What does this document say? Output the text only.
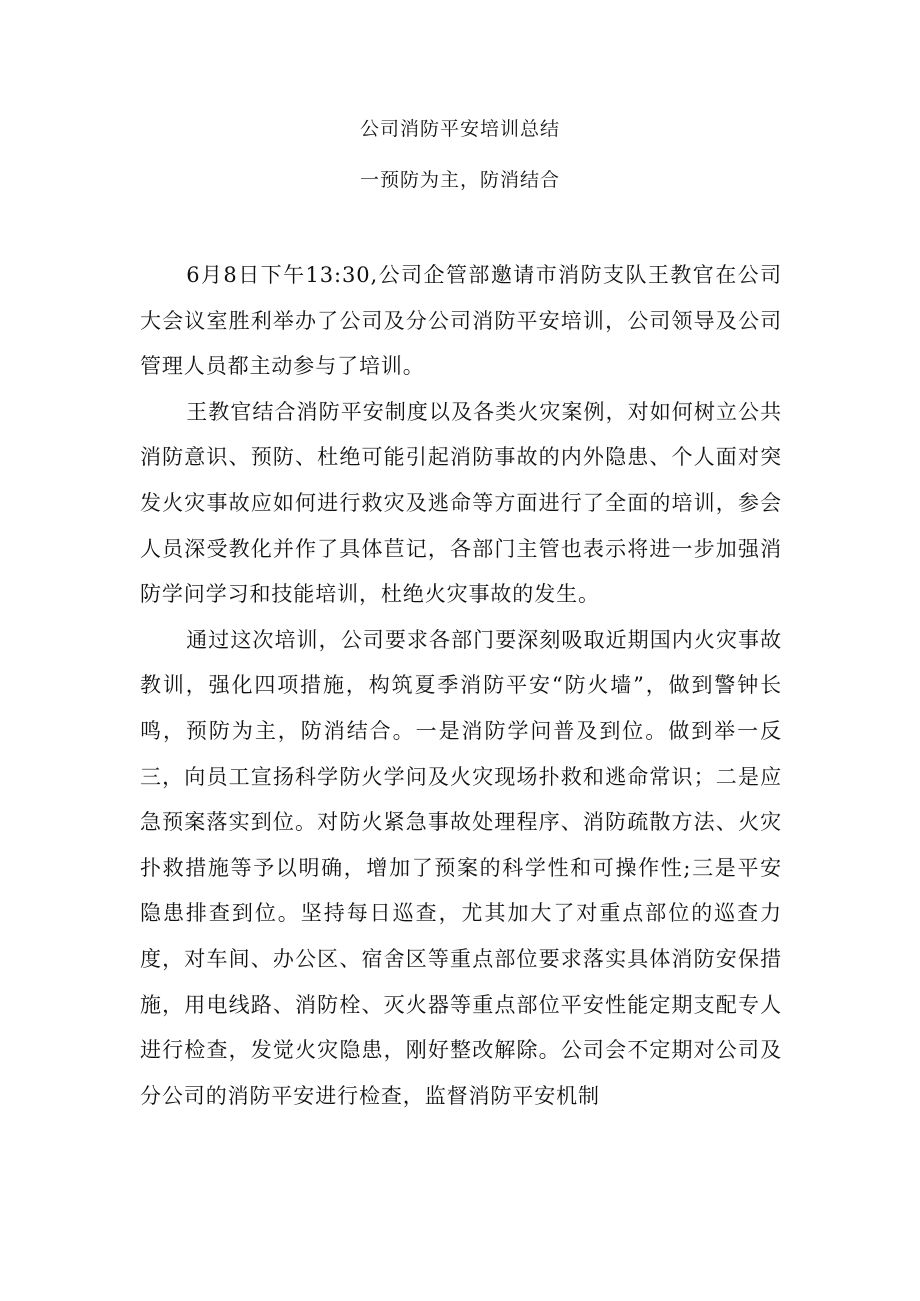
公司消防平安培训总结
一预防为主，防消结合

6月8日下午13:30,公司企管部邀请市消防支队王教官在公司大会议室胜利举办了公司及分公司消防平安培训，公司领导及公司管理人员都主动参与了培训。

王教官结合消防平安制度以及各类火灾案例，对如何树立公共消防意识、预防、杜绝可能引起消防事故的内外隐患、个人面对突发火灾事故应如何进行救灾及逃命等方面进行了全面的培训，参会人员深受教化并作了具体苣记，各部门主管也表示将进一步加强消防学问学习和技能培训，杜绝火灾事故的发生。

通过这次培训，公司要求各部门要深刻吸取近期国内火灾事故教训，强化四项措施，构筑夏季消防平安“防火墙”，做到警钟长鸣，预防为主，防消结合。一是消防学问普及到位。做到举一反三，向员工宣扬科学防火学问及火灾现场扑救和逃命常识；二是应急预案落实到位。对防火紧急事故处理程序、消防疏散方法、火灾扑救措施等予以明确，增加了预案的科学性和可操作性;三是平安隐患排查到位。坚持每日巡查，尤其加大了对重点部位的巡查力度，对车间、办公区、宿舍区等重点部位要求落实具体消防安保措施，用电线路、消防栓、灭火器等重点部位平安性能定期支配专人进行检查，发觉火灾隐患，刚好整改解除。公司会不定期对公司及分公司的消防平安进行检查，监督消防平安机制
